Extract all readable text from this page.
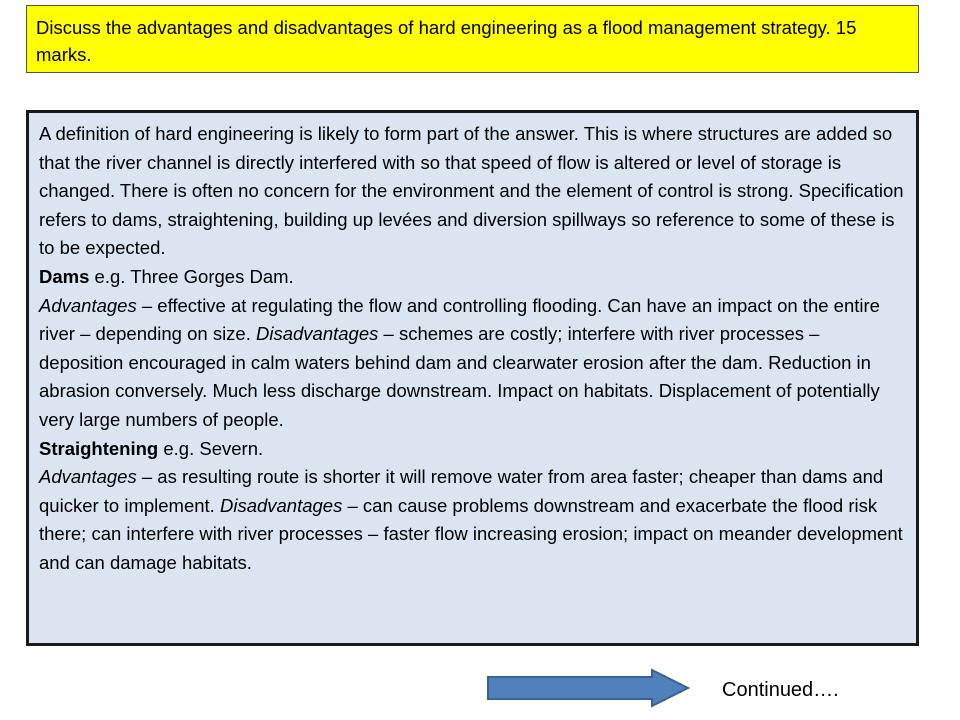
Discuss the advantages and disadvantages of hard engineering as a flood management strategy. 15 marks.

A definition of hard engineering is likely to form part of the answer. This is where structures are added so that the river channel is directly interfered with so that speed of flow is altered or level of storage is changed. There is often no concern for the environment and the element of control is strong. Specification refers to dams, straightening, building up levées and diversion spillways so reference to some of these is to be expected.

Dams e.g. Three Gorges Dam.

Advantages – effective at regulating the flow and controlling flooding. Can have an impact on the entire river – depending on size. Disadvantages – schemes are costly; interfere with river processes – deposition encouraged in calm waters behind dam and clearwater erosion after the dam. Reduction in abrasion conversely. Much less discharge downstream. Impact on habitats. Displacement of potentially very large numbers of people.

Straightening e.g. Severn.

Advantages – as resulting route is shorter it will remove water from area faster; cheaper than dams and quicker to implement. Disadvantages – can cause problems downstream and exacerbate the flood risk there; can interfere with river processes – faster flow increasing erosion; impact on meander development and can damage habitats.

Continued….
